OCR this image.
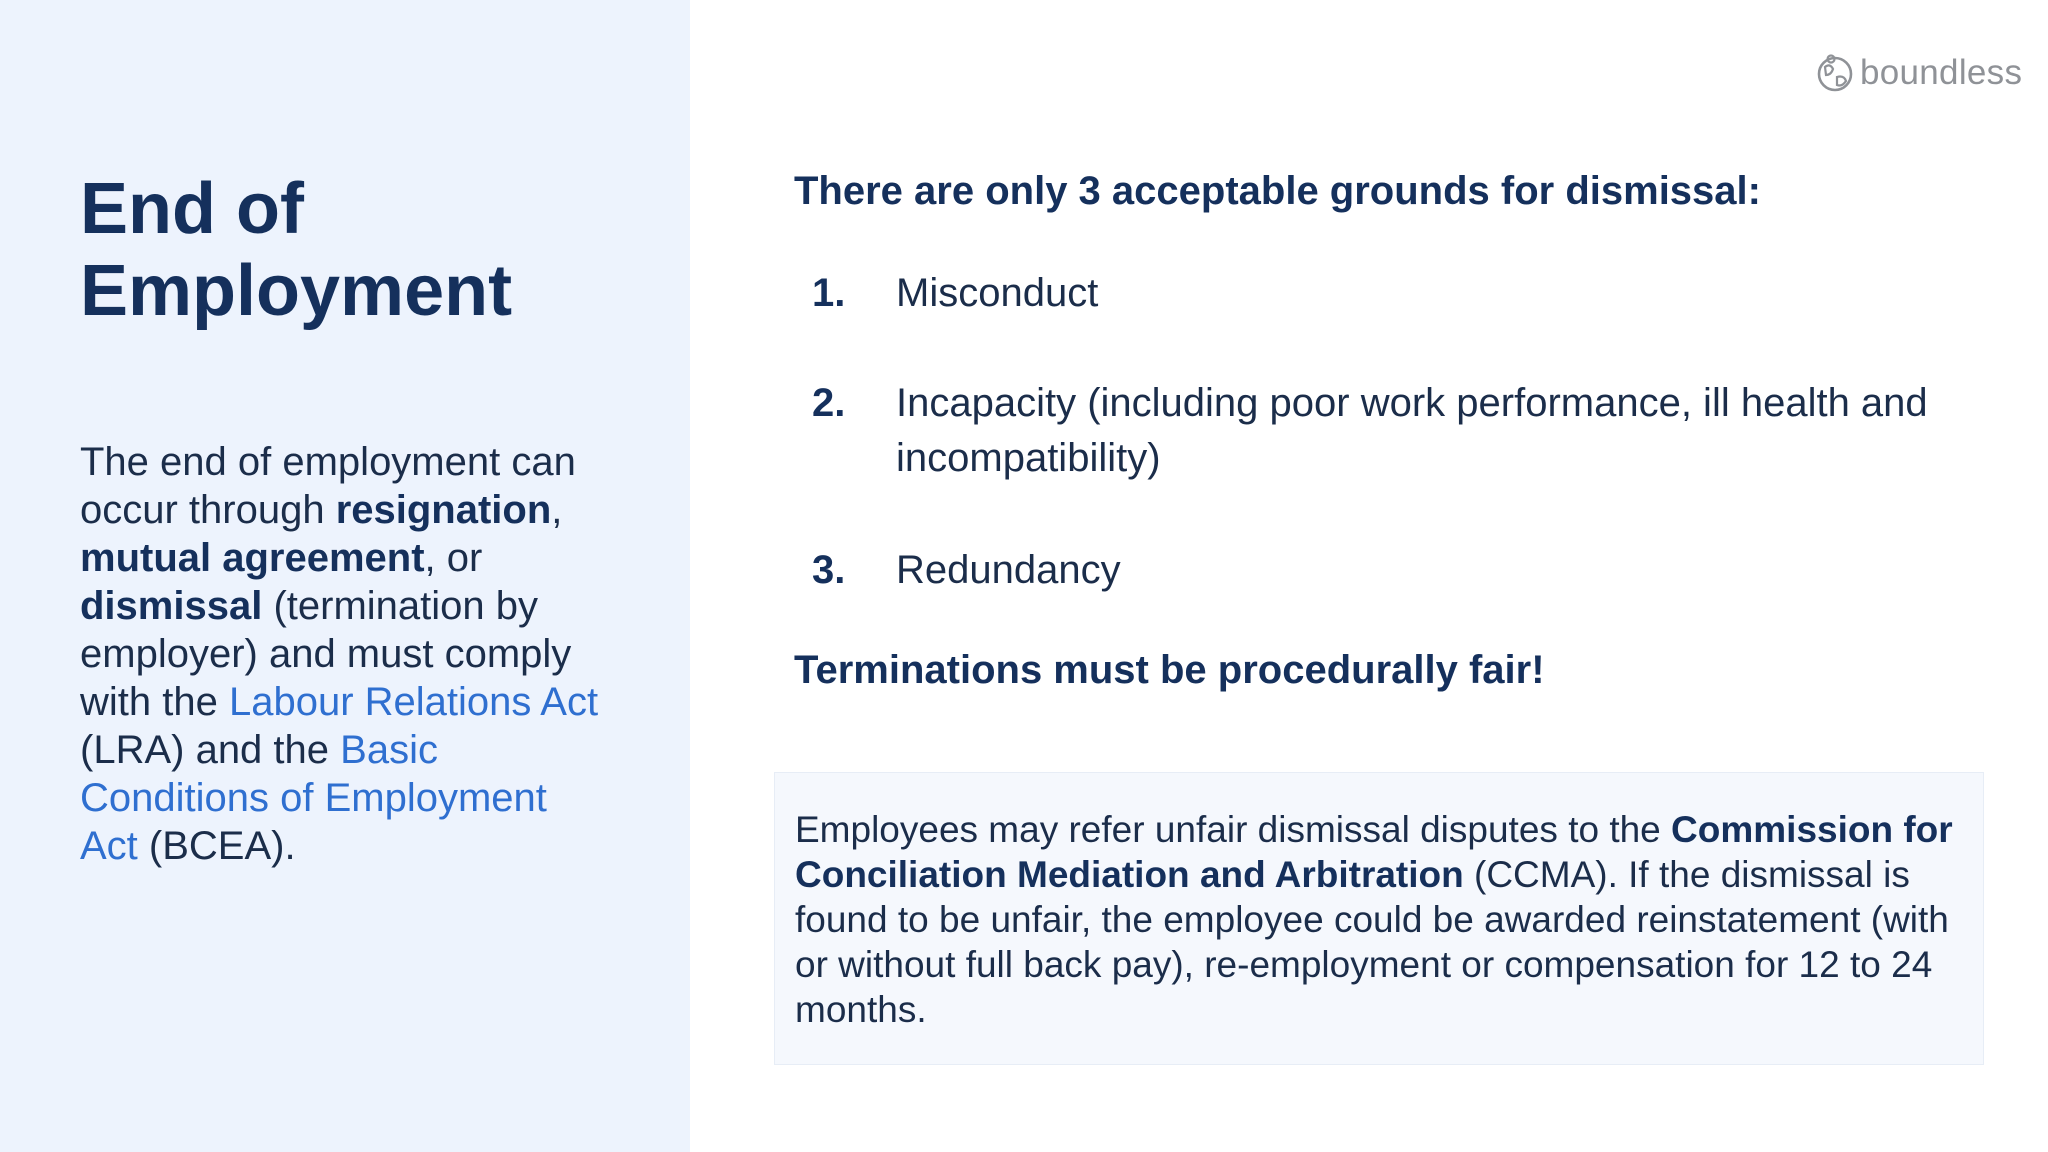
End of
Employment
The end of employment can occur through resignation, mutual agreement, or dismissal (termination by employer) and must comply with the Labour Relations Act (LRA) and the Basic Conditions of Employment Act (BCEA).
boundless
There are only 3 acceptable grounds for dismissal:
1.	Misconduct
2.	Incapacity (including poor work performance, ill health and incompatibility)
3.	Redundancy

Terminations must be procedurally fair!

Employees may refer unfair dismissal disputes to the Commission for Conciliation Mediation and Arbitration (CCMA). If the dismissal is found to be unfair, the employee could be awarded reinstatement (with or without full back pay), re-employment or compensation for 12 to 24 months.
